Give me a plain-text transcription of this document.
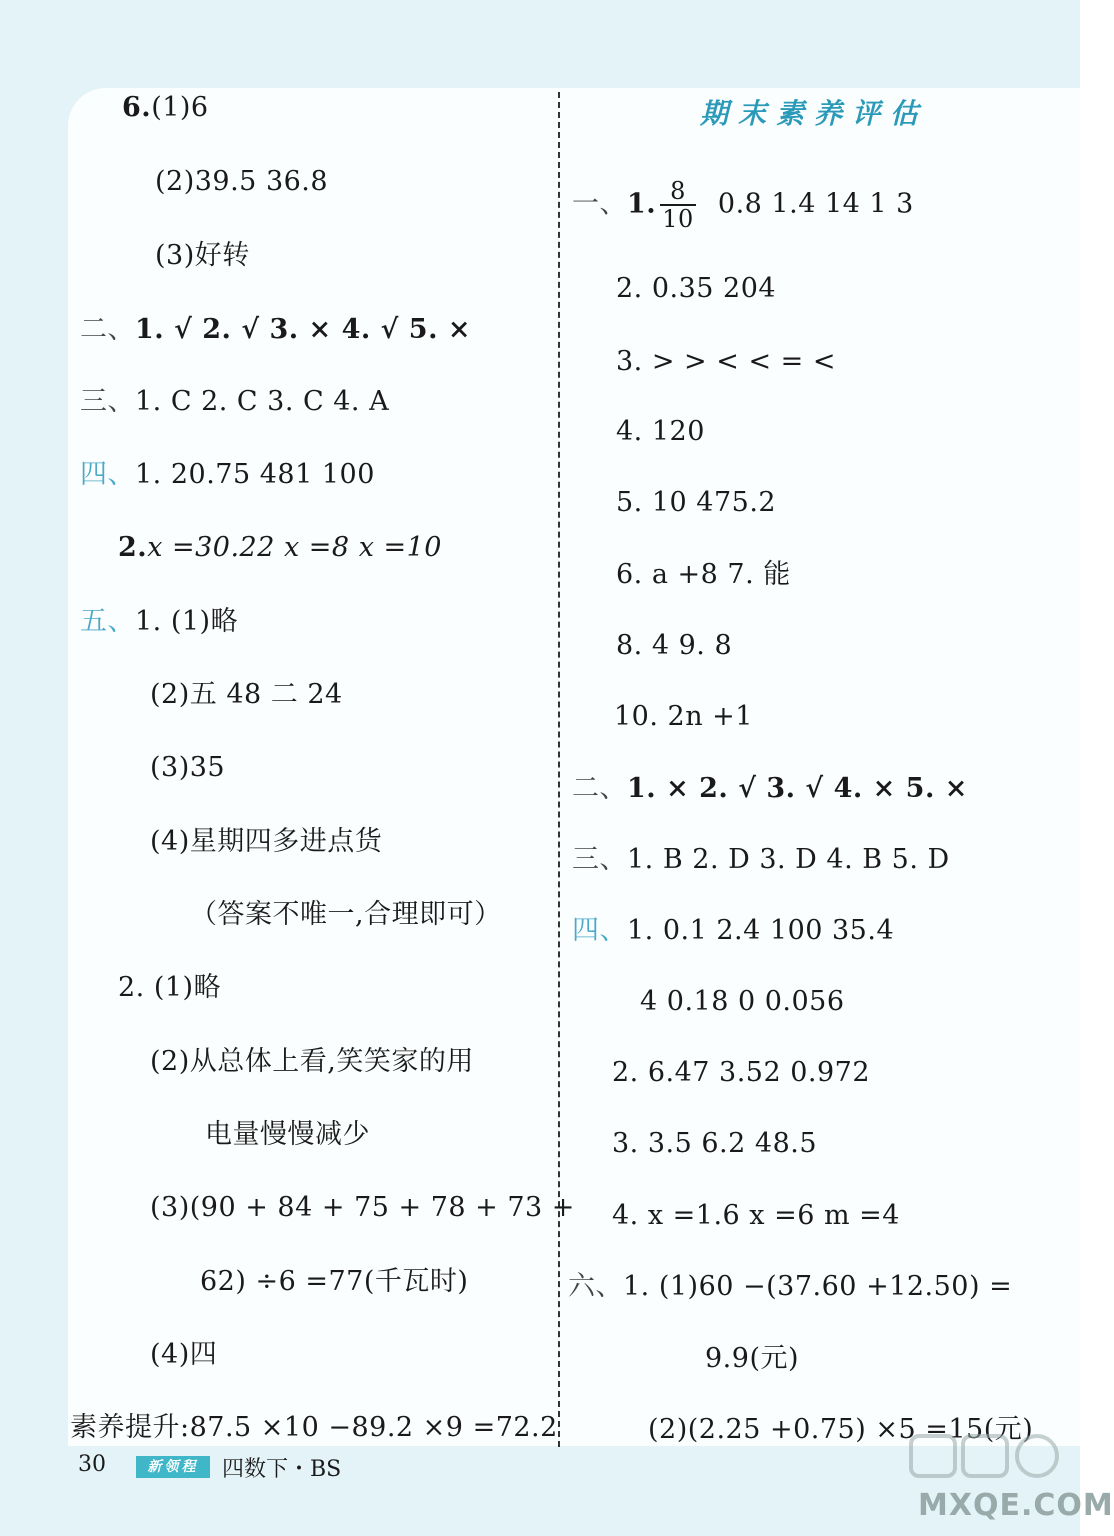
6.(1)6
(2)39.5 36.8
(3)好转
二、1. √ 2. √ 3. × 4. √ 5. ×
三、1. C 2. C 3. C 4. A
四、1. 20.75 481 100
2.x =30.22 x =8 x =10
五、1. (1)略
(2)五 48 二 24
(3)35
(4)星期四多进点货
（答案不唯一,合理即可）
2. (1)略
(2)从总体上看,笑笑家的用
电量慢慢减少
(3)(90 + 84 + 75 + 78 + 73 +
62) ÷6 =77(千瓦时)
(4)四
素养提升:87.5 ×10 −89.2 ×9 =72.2
期末素养评估
一、1. $\frac{8}{10} 0.8$ 1.4 14 1 3
2. 0.35 204
3. > > < < = <
4. 120
5. 10 475.2
6. a +8 7. 能
8. 4 9. 8
10. 2n +1
二、1. × 2. √ 3. √ 4. × 5. ×
三、1. B 2. D 3. D 4. B 5. D
四、1. 0.1 2.4 100 35.4
4 0.18 0 0.056
2. 6.47 3.52 0.972
3. 3.5 6.2 48.5
4. x =1.6 x =6 m =4
六、1. (1)60 −(37.60 +12.50) =
9.9(元)
(2)(2.25 +0.75) ×5 =15(元)
30	新领程	四数下・BS
MXQE.COM
